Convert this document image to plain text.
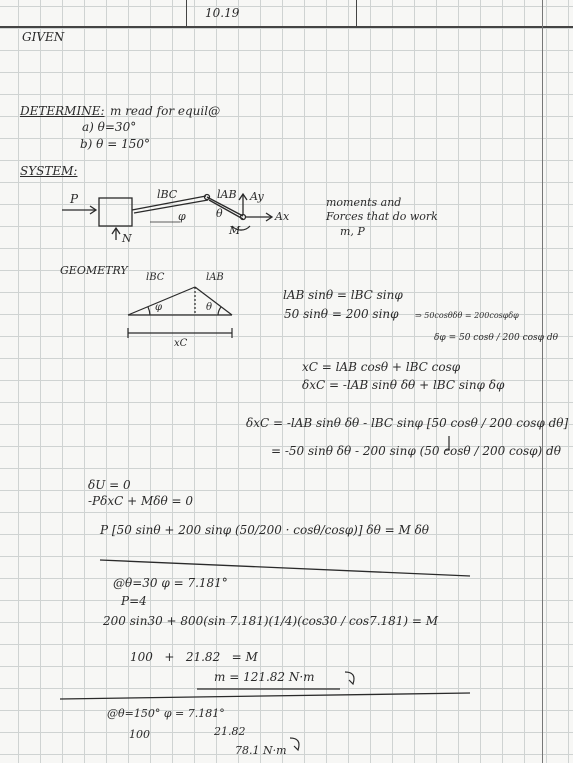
10.19
GIVEN
DETERMINE: m read for equil@
a) θ=30°
b) θ = 150°
SYSTEM:
P	lBC	lAB Ay
Ax
φ	θ
M
N
moments and
Forces that do work
m, P
GEOMETRY
lBC	lAB
xC
φ	θ
lAB sinθ = lBC sinφ
50 sinθ = 200 sinφ ⇒ 50cosθδθ = 200cosφδφ
δφ = 50 cosθ / 200 cosφ dθ
xC = lAB cosθ + lBC cosφ
δxC = -lAB sinθ δθ + lBC sinφ δφ
δxC = -lAB sinθ δθ - lBC sinφ [50 cosθ / 200 cosφ dθ]
= -50 sinθ δθ - 200 sinφ (50 cosθ / 200 cosφ) dθ
δU = 0
-PδxC + Mδθ = 0
P [50 sinθ + 200 sinφ (50/200 · cosθ/cosφ)] δθ = M δθ
@θ=30 φ = 7.181°
P=4
200 sin30 + 800(sin 7.181)(1/4)(cos30 / cos7.181) = M
100   +   21.82   = M
m = 121.82 N·m
@θ=150° φ = 7.181°
100	21.82
78.1 N·m
